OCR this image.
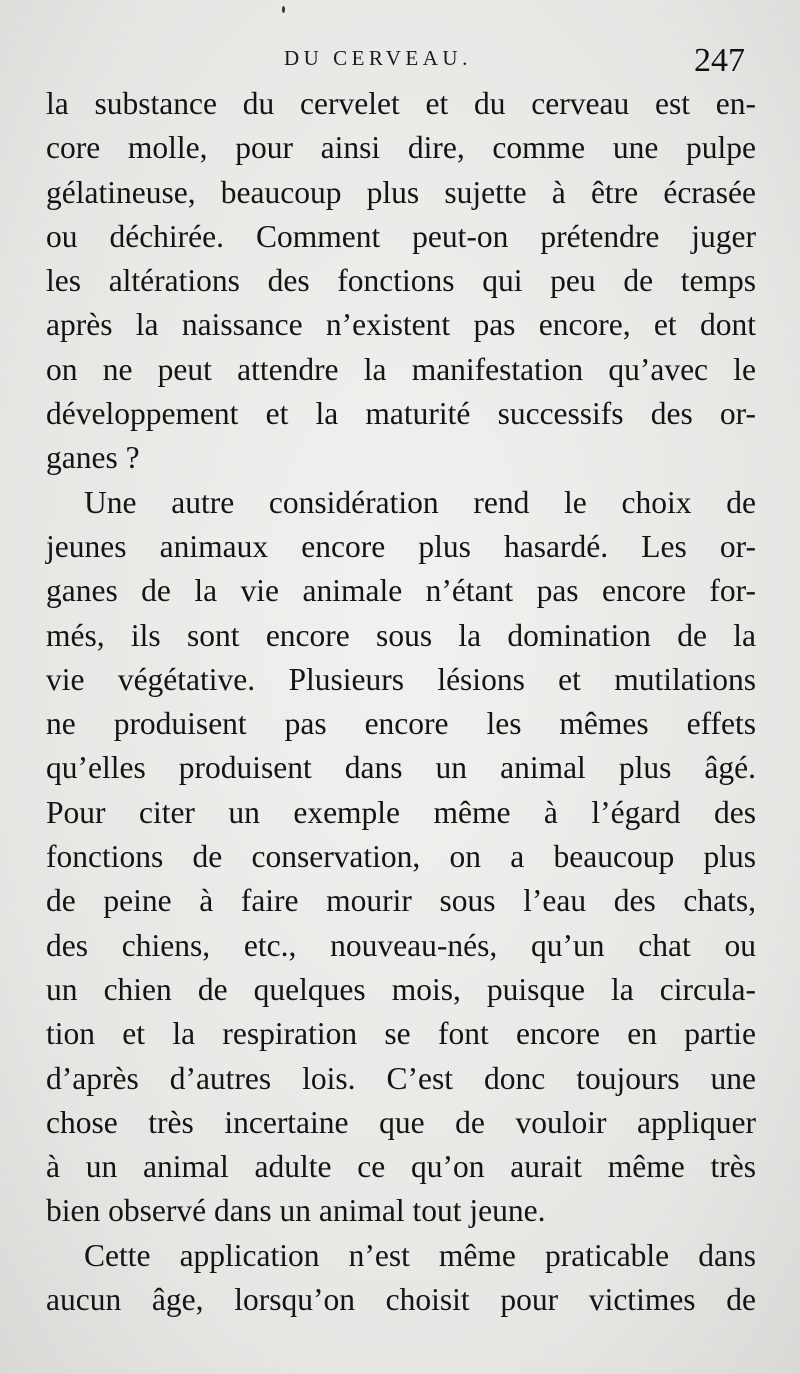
DU CERVEAU.	247
la substance du cervelet et du cerveau est en-
core molle, pour ainsi dire, comme une pulpe
gélatineuse, beaucoup plus sujette à être écrasée
ou déchirée. Comment peut-on prétendre juger
les altérations des fonctions qui peu de temps
après la naissance n’existent pas encore, et dont
on ne peut attendre la manifestation qu’avec le
développement et la maturité successifs des or-
ganes ?
Une autre considération rend le choix de
jeunes animaux encore plus hasardé. Les or-
ganes de la vie animale n’étant pas encore for-
més, ils sont encore sous la domination de la
vie végétative. Plusieurs lésions et mutilations
ne produisent pas encore les mêmes effets
qu’elles produisent dans un animal plus âgé.
Pour citer un exemple même à l’égard des
fonctions de conservation, on a beaucoup plus
de peine à faire mourir sous l’eau des chats,
des chiens, etc., nouveau-nés, qu’un chat ou
un chien de quelques mois, puisque la circula-
tion et la respiration se font encore en partie
d’après d’autres lois. C’est donc toujours une
chose très incertaine que de vouloir appliquer
à un animal adulte ce qu’on aurait même très
bien observé dans un animal tout jeune.
Cette application n’est même praticable dans
aucun âge, lorsqu’on choisit pour victimes de
